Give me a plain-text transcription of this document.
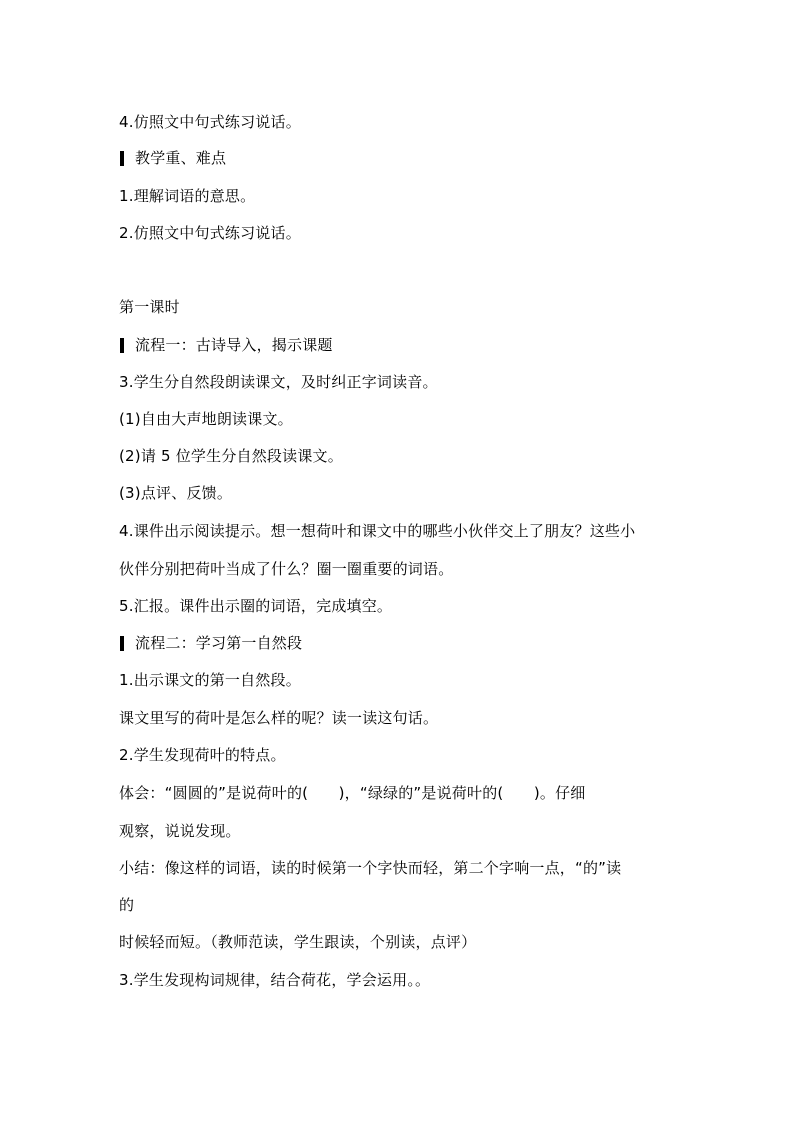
4.仿照文中句式练习说话。
教学重、难点
1.理解词语的意思。
2.仿照文中句式练习说话。
第一课时
流程一：古诗导入，揭示课题
3.学生分自然段朗读课文，及时纠正字词读音。
(1)自由大声地朗读课文。
(2)请 5 位学生分自然段读课文。
(3)点评、反馈。
4.课件出示阅读提示。想一想荷叶和课文中的哪些小伙伴交上了朋友？这些小
伙伴分别把荷叶当成了什么？圈一圈重要的词语。
5.汇报。课件出示圈的词语，完成填空。
流程二：学习第一自然段
1.出示课文的第一自然段。
课文里写的荷叶是怎么样的呢？读一读这句话。
2.学生发现荷叶的特点。
体会：“圆圆的”是说荷叶的(　　)，“绿绿的”是说荷叶的(　　)。仔细
观察，说说发现。
小结：像这样的词语，读的时候第一个字快而轻，第二个字响一点，“的”读
的
时候轻而短。（教师范读，学生跟读，个别读，点评）
3.学生发现构词规律，结合荷花，学会运用。。
